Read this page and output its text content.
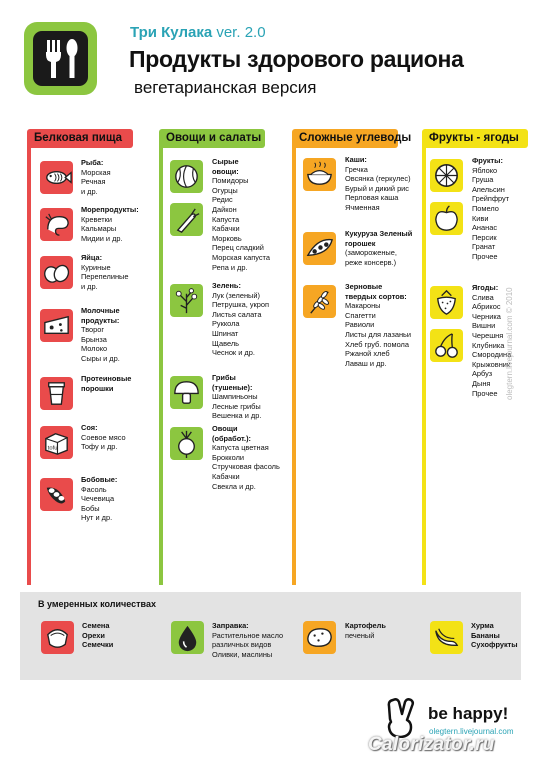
Три Кулака ver. 2.0
Продукты здорового рациона
вегетарианская версия
Белковая пища
Рыба:
Морская
Речная
и др.
Морепродукты:
Креветки
Кальмары
Мидии и др.
Яйца:
Куриные
Перепелиные
и др.
Молочные продукты:
Творог
Брынза
Молоко
Сыры и др.
Протеиновые порошки
tofu
Соя:
Соевое мясо
Тофу и др.
Бобовые:
Фасоль
Чечевица
Бобы
Нут и др.
Овощи и салаты
Сырые овощи:
Помидоры
Огурцы
Редис
Дайкон
Капуста
Кабачки
Морковь
Перец сладкий
Морская капуста
Репа и др.
Зелень:
Лук (зеленый)
Петрушка, укроп
Листья салата
Руккола
Шпинат
Щавель
Чеснок и др.
Грибы (тушеные):
Шампиньоны
Лесные грибы
Вешенка и др.
Овощи (обработ.):
Капуста цветная
Брокколи
Стручковая фасоль
Кабачки
Свекла и др.
Сложные углеводы
Каши:
Гречка
Овсянка (геркулес)
Бурый и дикий рис
Перловая каша
Ячменная
Кукуруза Зеленый горошек
(замороженые,
реже консерв.)
Зерновые твердых сортов:
Макароны
Спагетти
Равиоли
Листы для лазаньи
Хлеб груб. помола
Ржаной хлеб
Лаваш и др.
Фрукты - ягоды
Фрукты:
Яблоко
Груша
Апельсин
Грейпфрут
Помело
Киви
Ананас
Персик
Гранат
Прочее
Ягоды:
Слива
Абрикос
Черника
Вишни
Черешня
Клубника
Смородина
Крыжовник
Арбуз
Дыня
Прочее
В умеренных количествах
Семена Орехи Семечки
Заправка:
Растительное масло
различных видов
Оливки, маслины
Картофель
печеный
Хурма Бананы Сухофрукты
olegtern.livejournal.com © 2010
be happy!
olegtern.livejournal.com
Calorizator.ru
